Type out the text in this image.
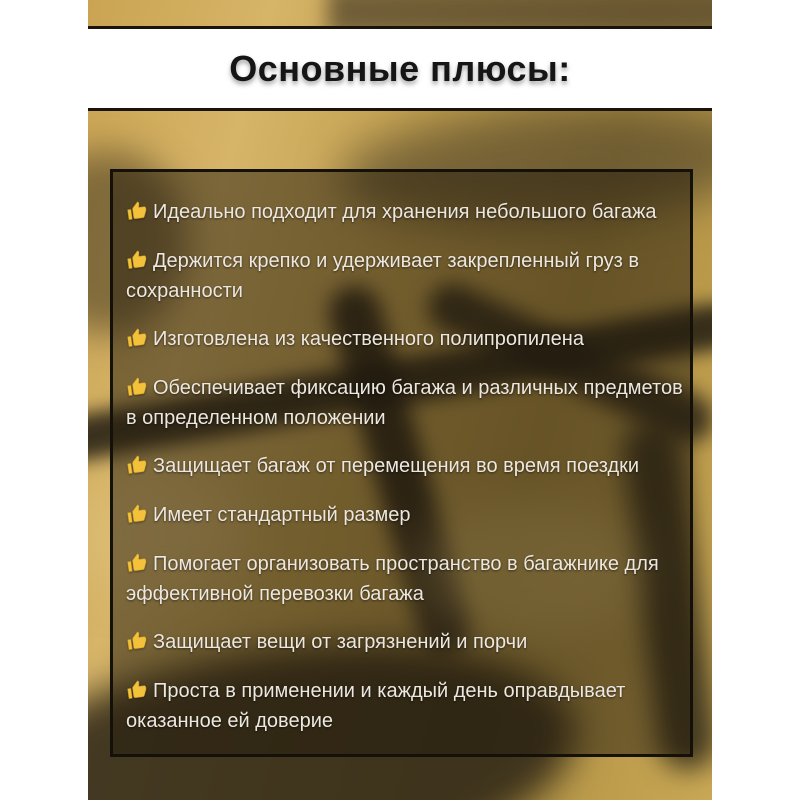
Основные плюсы:
Идеально подходит для хранения небольшого багажа
Держится крепко и удерживает закрепленный груз в
сохранности
Изготовлена из качественного полипропилена
Обеспечивает фиксацию багажа и различных предметов
в определенном положении
Защищает багаж от перемещения во время поездки
Имеет стандартный размер
Помогает организовать пространство в багажнике для
эффективной перевозки багажа
Защищает вещи от загрязнений и порчи
Проста в применении и каждый день оправдывает
оказанное ей доверие
